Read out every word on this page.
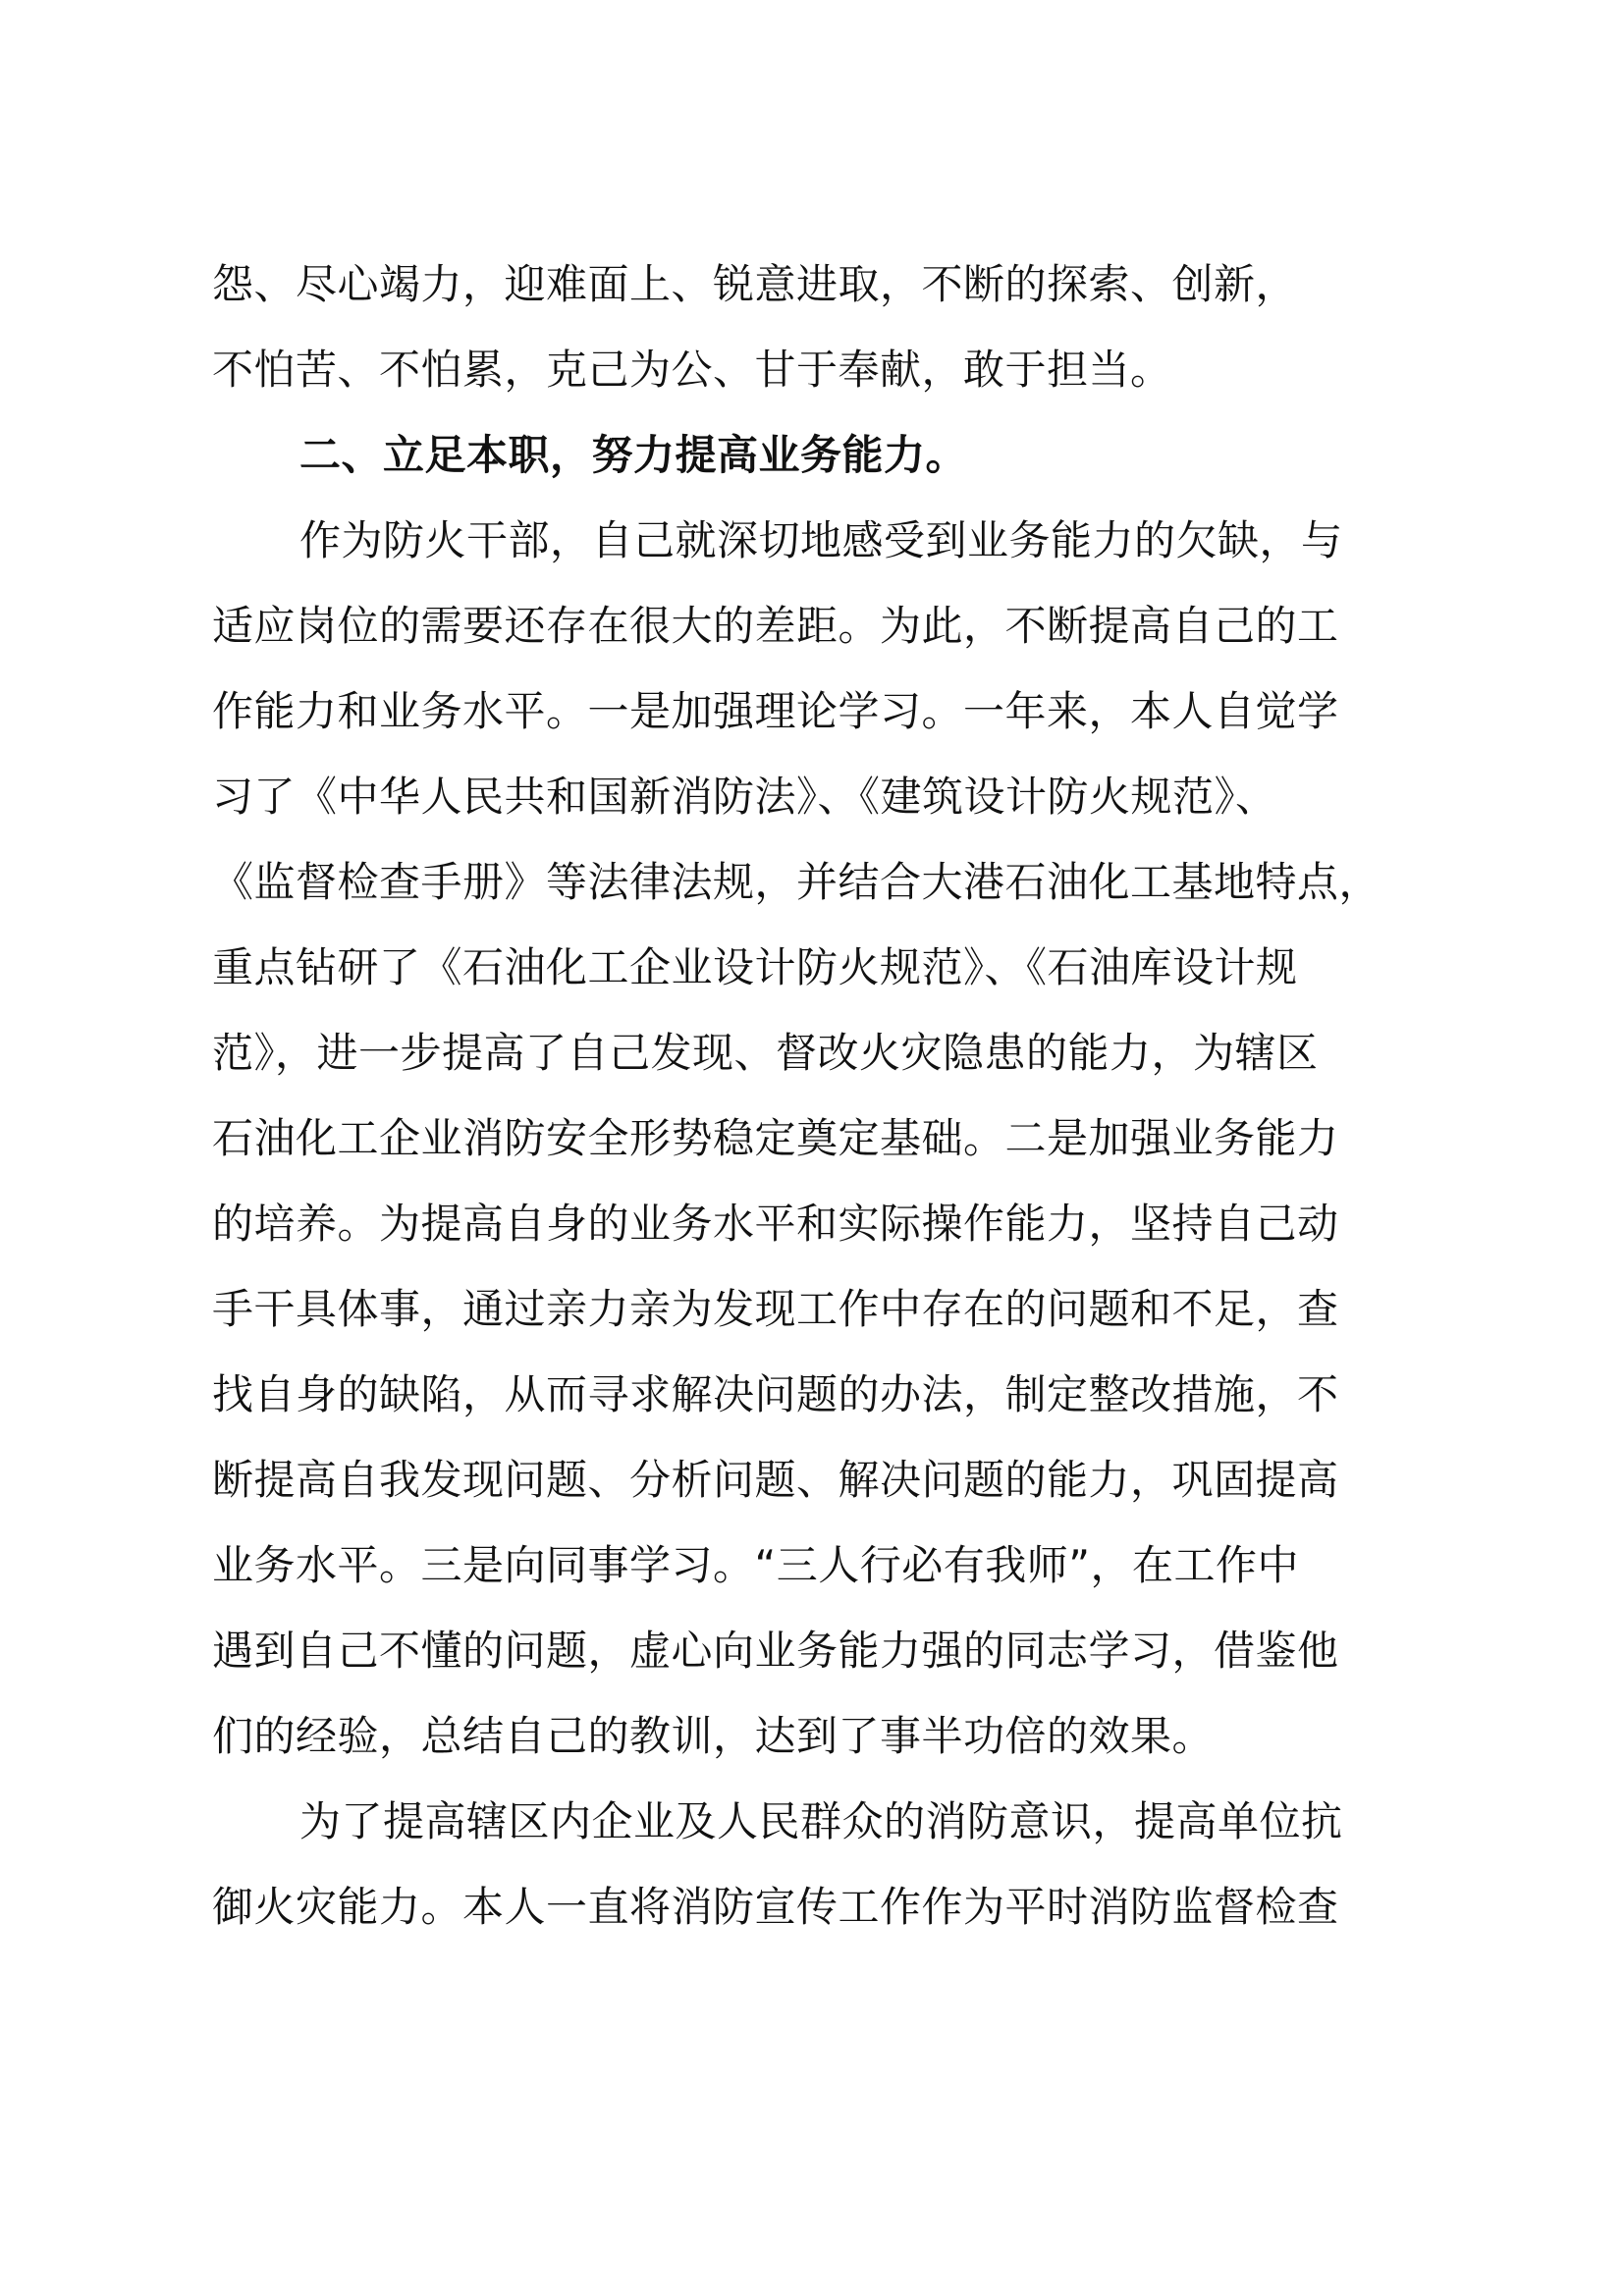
怨、尽心竭力，迎难面上、锐意进取，不断的探索、创新，
不怕苦、不怕累，克己为公、甘于奉献，敢于担当。
二、立足本职，努力提高业务能力。
作为防火干部，自己就深切地感受到业务能力的欠缺，与
适应岗位的需要还存在很大的差距。为此，不断提高自己的工
作能力和业务水平。一是加强理论学习。一年来，本人自觉学
习了《中华人民共和国新消防法》、《建筑设计防火规范》、
《监督检查手册》等法律法规，并结合大港石油化工基地特点，
重点钻研了《石油化工企业设计防火规范》、《石油库设计规
范》，进一步提高了自己发现、督改火灾隐患的能力，为辖区
石油化工企业消防安全形势稳定奠定基础。二是加强业务能力
的培养。为提高自身的业务水平和实际操作能力，坚持自己动
手干具体事，通过亲力亲为发现工作中存在的问题和不足，查
找自身的缺陷，从而寻求解决问题的办法，制定整改措施，不
断提高自我发现问题、分析问题、解决问题的能力，巩固提高
业务水平。三是向同事学习。“三人行必有我师”，在工作中
遇到自己不懂的问题，虚心向业务能力强的同志学习，借鉴他
们的经验，总结自己的教训，达到了事半功倍的效果。
为了提高辖区内企业及人民群众的消防意识，提高单位抗
御火灾能力。本人一直将消防宣传工作作为平时消防监督检查
